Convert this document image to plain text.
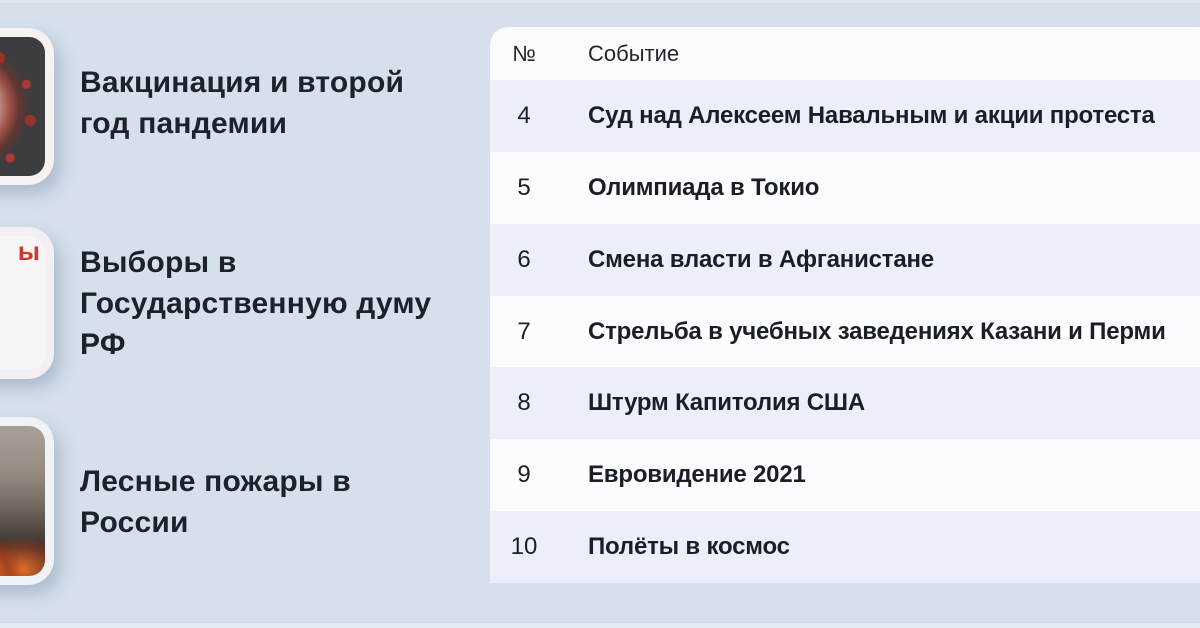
ы
Вакцинация и второй год пандемии
Выборы в Государственную думу РФ
Лесные пожары в России
№	Событие
4	Суд над Алексеем Навальным и акции протеста
5	Олимпиада в Токио
6	Смена власти в Афганистане
7	Стрельба в учебных заведениях Казани и Перми
8	Штурм Капитолия США
9	Евровидение 2021
10	Полёты в космос
